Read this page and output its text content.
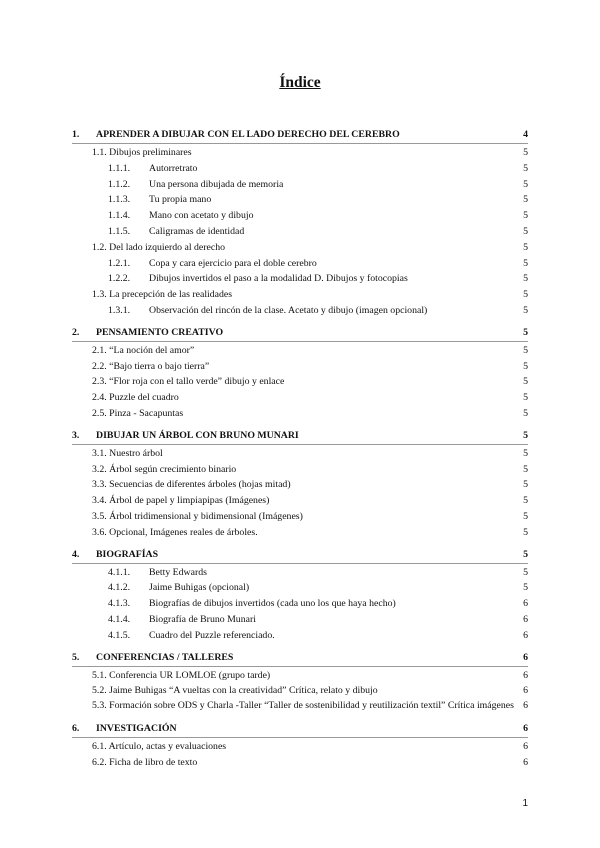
Índice
1. APRENDER A DIBUJAR CON EL LADO DERECHO DEL CEREBRO	4
1.1. Dibujos preliminares	5
1.1.1. Autorretrato	5
1.1.2. Una persona dibujada de memoria	5
1.1.3. Tu propia mano	5
1.1.4. Mano con acetato y dibujo	5
1.1.5. Caligramas de identidad	5
1.2. Del lado izquierdo al derecho	5
1.2.1. Copa y cara ejercicio para el doble cerebro	5
1.2.2. Dibujos invertidos el paso a la modalidad D. Dibujos y fotocopias	5
1.3. La precepción de las realidades	5
1.3.1. Observación del rincón de la clase. Acetato y dibujo (imagen opcional)	5
2. PENSAMIENTO CREATIVO	5
2.1. “La noción del amor”	5
2.2. “Bajo tierra o bajo tierra”	5
2.3. “Flor roja con el tallo verde” dibujo y enlace	5
2.4. Puzzle del cuadro	5
2.5. Pinza - Sacapuntas	5
3. DIBUJAR UN ÁRBOL CON BRUNO MUNARI	5
3.1. Nuestro árbol	5
3.2. Árbol según crecimiento binario	5
3.3. Secuencias de diferentes árboles (hojas mitad)	5
3.4. Árbol de papel y limpiapipas (Imágenes)	5
3.5. Árbol tridimensional y bidimensional (Imágenes)	5
3.6. Opcional, Imágenes reales de árboles.	5
4. BIOGRAFÍAS	5
4.1.1. Betty Edwards	5
4.1.2. Jaime Buhigas (opcional)	5
4.1.3. Biografías de dibujos invertidos (cada uno los que haya hecho)	6
4.1.4. Biografía de Bruno Munari	6
4.1.5. Cuadro del Puzzle referenciado.	6
5. CONFERENCIAS / TALLERES	6
5.1. Conferencia UR LOMLOE (grupo tarde)	6
5.2. Jaime Buhigas “A vueltas con la creatividad” Crítica, relato y dibujo	6
5.3. Formación sobre ODS y Charla -Taller “Taller de sostenibilidad y reutilización textil” Crítica imágenes 6
6. INVESTIGACIÓN	6
6.1. Artículo, actas y evaluaciones	6
6.2. Ficha de libro de texto	6
1
